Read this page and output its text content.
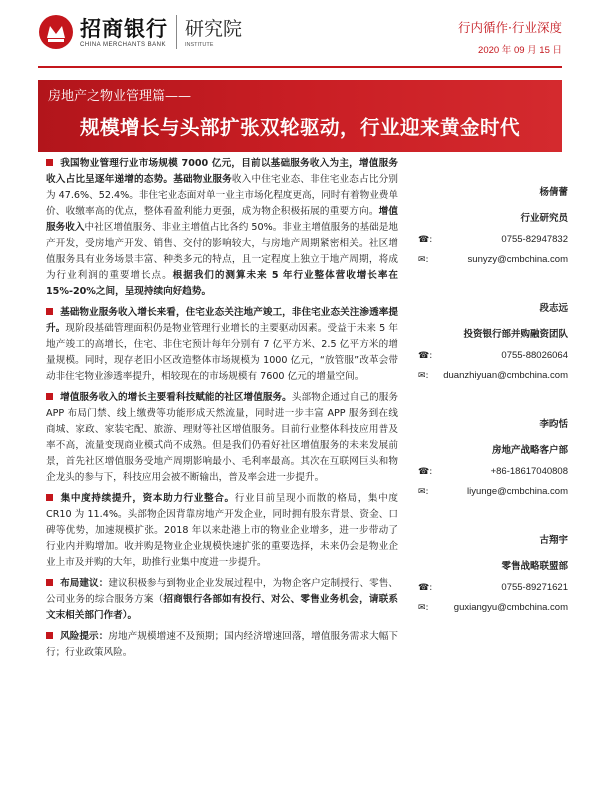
招商银行
CHINA MERCHANTS BANK
研究院
INSTITUTE
行内循作·行业深度
2020 年 09 月 15 日
房地产之物业管理篇——
规模增长与头部扩张双轮驱动，行业迎来黄金时代

我国物业管理行业市场规模 7000 亿元，目前以基础服务收入为主，增值服务收入占比呈逐年递增的态势。基础物业服务收入中住宅业态、非住宅业态占比分别为 47.6%、52.4%。非住宅业态面对单一业主市场化程度更高，同时有着物业费单价、收缴率高的优点，整体看盈利能力更强，成为物企积极拓展的重要方向。增值服务收入中社区增值服务、非业主增值占比各约 50%。非业主增值服务的基础是地产开发，受房地产开发、销售、交付的影响较大，与房地产周期紧密相关。社区增值服务具有业务场景丰富、种类多元的特点，且一定程度上独立于地产周期，将成为行业利润的重要增长点。根据我们的测算未来 5 年行业整体营收增长率在 15%-20%之间，呈现持续向好趋势。

基础物业服务收入增长来看，住宅业态关注地产竣工，非住宅业态关注渗透率提升。现阶段基础管理面积仍是物业管理行业增长的主要驱动因素。受益于未来 5 年地产竣工的高增长，住宅、非住宅预计每年分别有 7 亿平方米、2.5 亿平方米的增量规模。同时，现存老旧小区改造整体市场规模为 1000 亿元，“放管服”改革会带动非住宅物业渗透率提升，相较现在的市场规模有 7600 亿元的增量空间。

增值服务收入的增长主要看科技赋能的社区增值服务。头部物企通过自己的服务 APP 布局门禁、线上缴费等功能形成天然流量，同时进一步丰富 APP 服务到在线商城、家政、家装宅配、旅游、理财等社区增值服务。目前行业整体科技应用普及率不高，流量变现商业模式尚不成熟。但是我们仍看好社区增值服务的未来发展前景，首先社区增值服务受地产周期影响最小、毛利率最高。其次在互联网巨头和物企龙头的参与下，科技应用会被不断输出，普及率会进一步提升。

集中度持续提升，资本助力行业整合。行业目前呈现小而散的格局，集中度 CR10 为 11.4%。头部物企因背靠房地产开发企业，同时拥有股东背景、资金、口碑等优势，加速规模扩张。2018 年以来赴港上市的物业企业增多，进一步带动了行业内并购增加。收并购是物业企业规模快速扩张的重要选择，未来仍会是物业企业上市及并购的大年，助推行业集中度进一步提升。

布局建议：建议积极参与到物业企业发展过程中，为物企客户定制授行、零售、公司业务的综合服务方案（招商银行各部如有投行、对公、零售业务机会，请联系文末相关部门作者）。

风险提示：房地产规模增速不及预期；国内经济增速回落，增值服务需求大幅下行；行业政策风险。

杨倩蕾
行业研究员
☎:	0755-82947832
✉:	sunyzy@cmbchina.com
段志远
投资银行部并购融资团队
☎:	0755-88026064
✉: duanzhiyuan@cmbchina.com
李昀恬
房地产战略客户部
☎:	+86-18617040808
✉:	liyunge@cmbchina.com
古翔宇
零售战略联盟部
☎:	0755-89271621
✉:	guxiangyu@cmbchina.com
